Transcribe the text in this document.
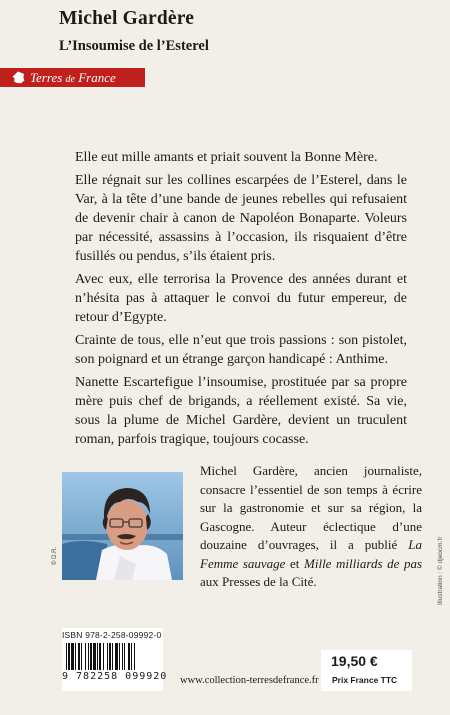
Michel Gardère
L’Insoumise de l’Esterel
Terres de France

Elle eut mille amants et priait souvent la Bonne Mère.

Elle régnait sur les collines escarpées de l’Esterel, dans le Var, à la tête d’une bande de jeunes rebelles qui refusaient de devenir chair à canon de Napoléon Bonaparte. Voleurs par nécessité, assassins à l’occasion, ils risquaient d’être fusillés ou pendus, s’ils étaient pris.

Avec eux, elle terrorisa la Provence des années durant et n’hésita pas à attaquer le convoi du futur empereur, de retour d’Egypte.

Crainte de tous, elle n’eut que trois passions : son pistolet, son poignard et un étrange garçon handicapé : Anthime.

Nanette Escartefigue l’insoumise, prostituée par sa propre mère puis chef de brigands, a réellement existé. Sa vie, sous la plume de Michel Gardère, devient un truculent roman, parfois tragique, toujours cocasse.

© D.R.
Michel Gardère, ancien journaliste, consacre l’essentiel de son temps à écrire sur la gastronomie et sur sa région, la Gascogne. Auteur éclectique d’une douzaine d’ouvrages, il a publié La Femme sauvage et Mille milliards de pas aux Presses de la Cité.	Illustration : © djeocm.fr
ISBN 978-2-258-09992-0
9 782258 099920 www.collection-terresdefrance.fr
19,50 €
Prix France TTC
